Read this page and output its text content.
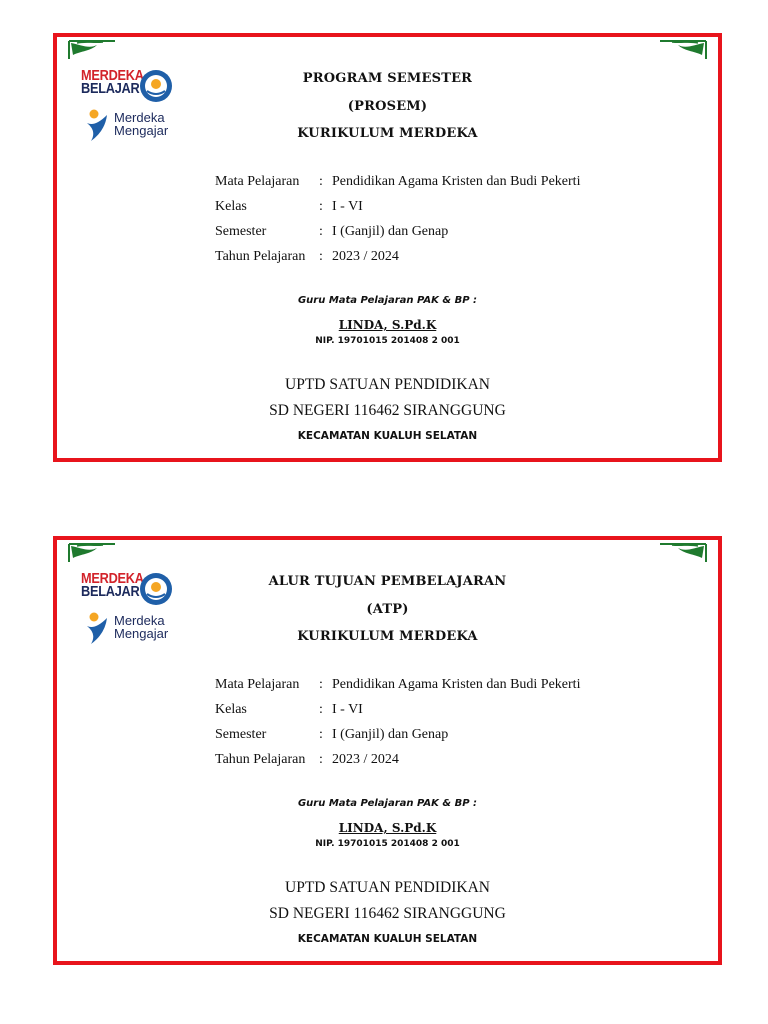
MERDEKA
BELAJAR
Merdeka
Mengajar
PROGRAM SEMESTER
(PROSEM)
KURIKULUM MERDEKA
Mata Pelajaran : Pendidikan Agama Kristen dan Budi Pekerti
Kelas	: I - VI
Semester	: I (Ganjil) dan Genap
Tahun Pelajaran : 2023 / 2024
Guru Mata Pelajaran PAK & BP :
LINDA, S.Pd.K
NIP. 19701015 201408 2 001
UPTD SATUAN PENDIDIKAN
SD NEGERI 116462 SIRANGGUNG
KECAMATAN KUALUH SELATAN
MERDEKA
BELAJAR
Merdeka
Mengajar
ALUR TUJUAN PEMBELAJARAN
(ATP)
KURIKULUM MERDEKA
Mata Pelajaran : Pendidikan Agama Kristen dan Budi Pekerti
Kelas	: I - VI
Semester	: I (Ganjil) dan Genap
Tahun Pelajaran : 2023 / 2024
Guru Mata Pelajaran PAK & BP :
LINDA, S.Pd.K
NIP. 19701015 201408 2 001
UPTD SATUAN PENDIDIKAN
SD NEGERI 116462 SIRANGGUNG
KECAMATAN KUALUH SELATAN
